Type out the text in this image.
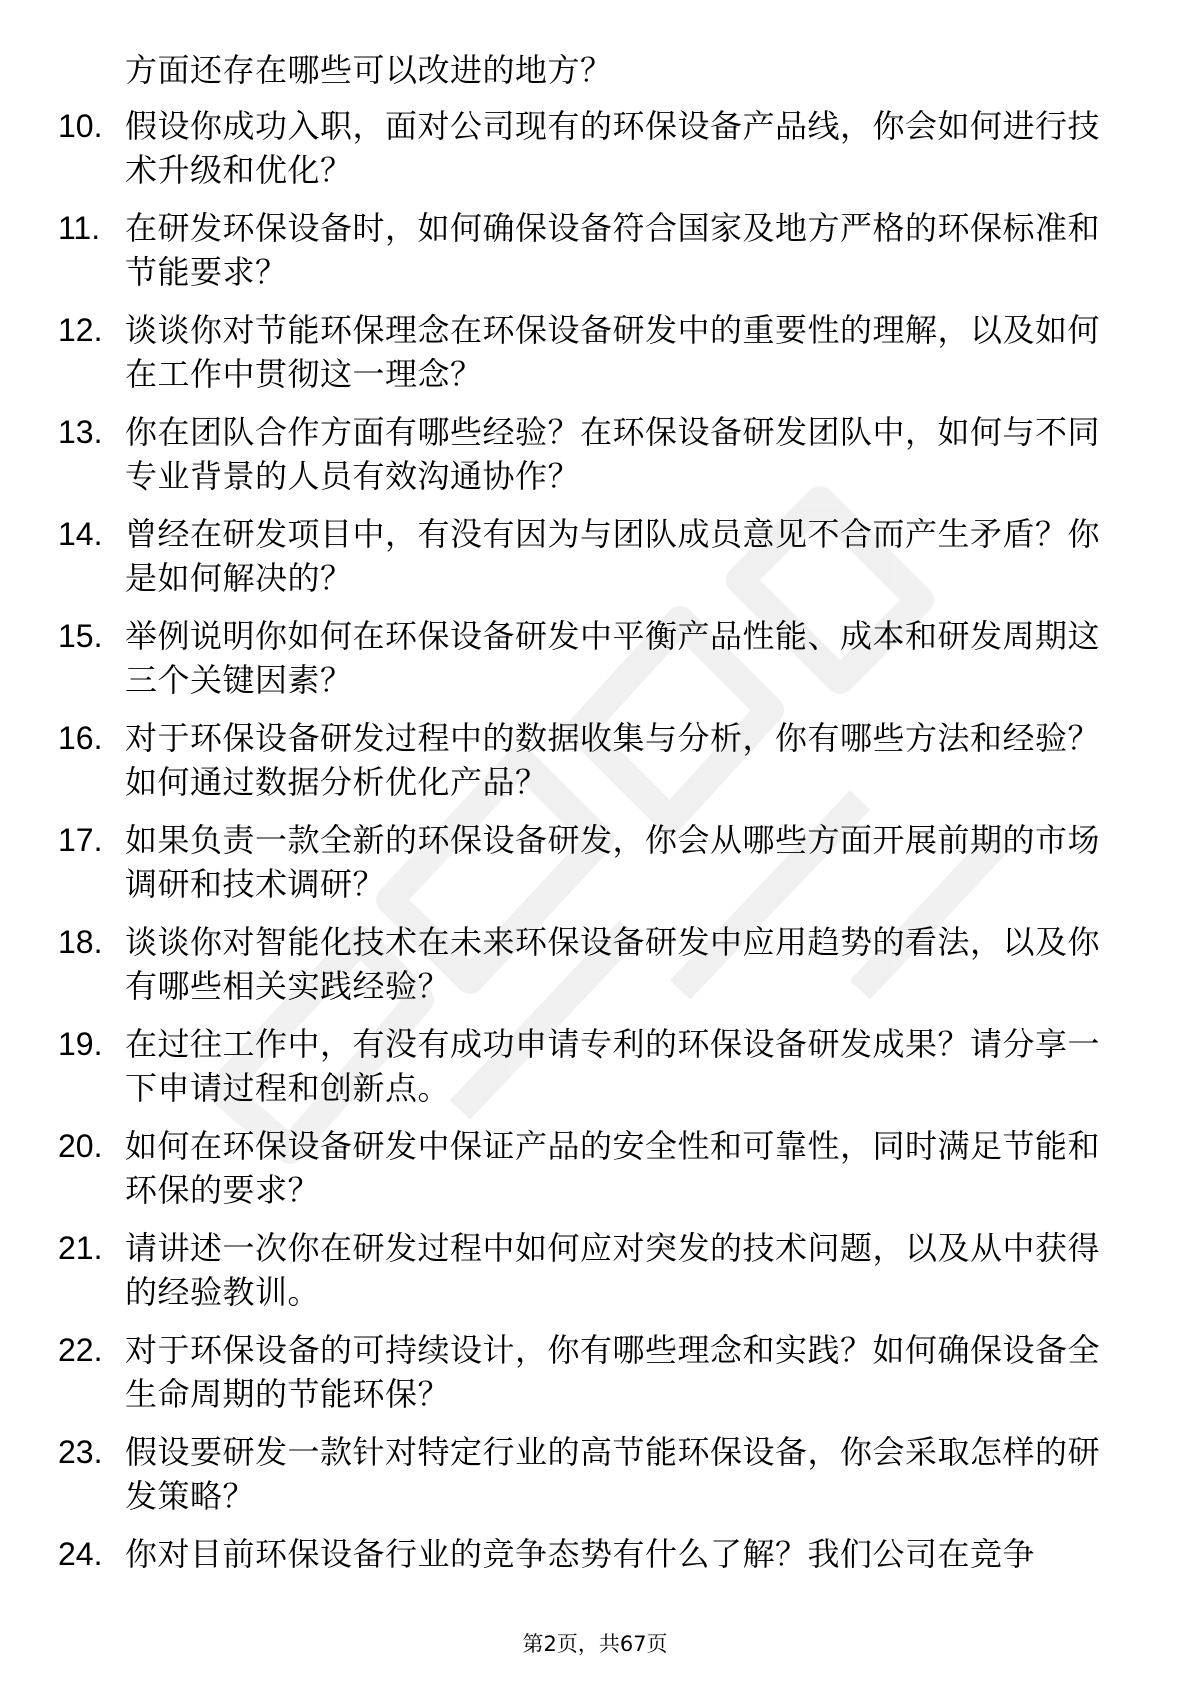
方面还存在哪些可以改进的地方？
10. 假设你成功入职，面对公司现有的环保设备产品线，你会如何进行技术升级和优化？
11. 在研发环保设备时，如何确保设备符合国家及地方严格的环保标准和节能要求？
12. 谈谈你对节能环保理念在环保设备研发中的重要性的理解，以及如何在工作中贯彻这一理念？
13. 你在团队合作方面有哪些经验？在环保设备研发团队中，如何与不同专业背景的人员有效沟通协作？
14. 曾经在研发项目中，有没有因为与团队成员意见不合而产生矛盾？你是如何解决的？
15. 举例说明你如何在环保设备研发中平衡产品性能、成本和研发周期这三个关键因素？
16. 对于环保设备研发过程中的数据收集与分析，你有哪些方法和经验？如何通过数据分析优化产品？
17. 如果负责一款全新的环保设备研发，你会从哪些方面开展前期的市场调研和技术调研？
18. 谈谈你对智能化技术在未来环保设备研发中应用趋势的看法，以及你有哪些相关实践经验？
19. 在过往工作中，有没有成功申请专利的环保设备研发成果？请分享一下申请过程和创新点。
20. 如何在环保设备研发中保证产品的安全性和可靠性，同时满足节能和环保的要求？
21. 请讲述一次你在研发过程中如何应对突发的技术问题，以及从中获得的经验教训。
22. 对于环保设备的可持续设计，你有哪些理念和实践？如何确保设备全生命周期的节能环保？
23. 假设要研发一款针对特定行业的高节能环保设备，你会采取怎样的研发策略？
24. 你对目前环保设备行业的竞争态势有什么了解？我们公司在竞争
第2页，共67页
